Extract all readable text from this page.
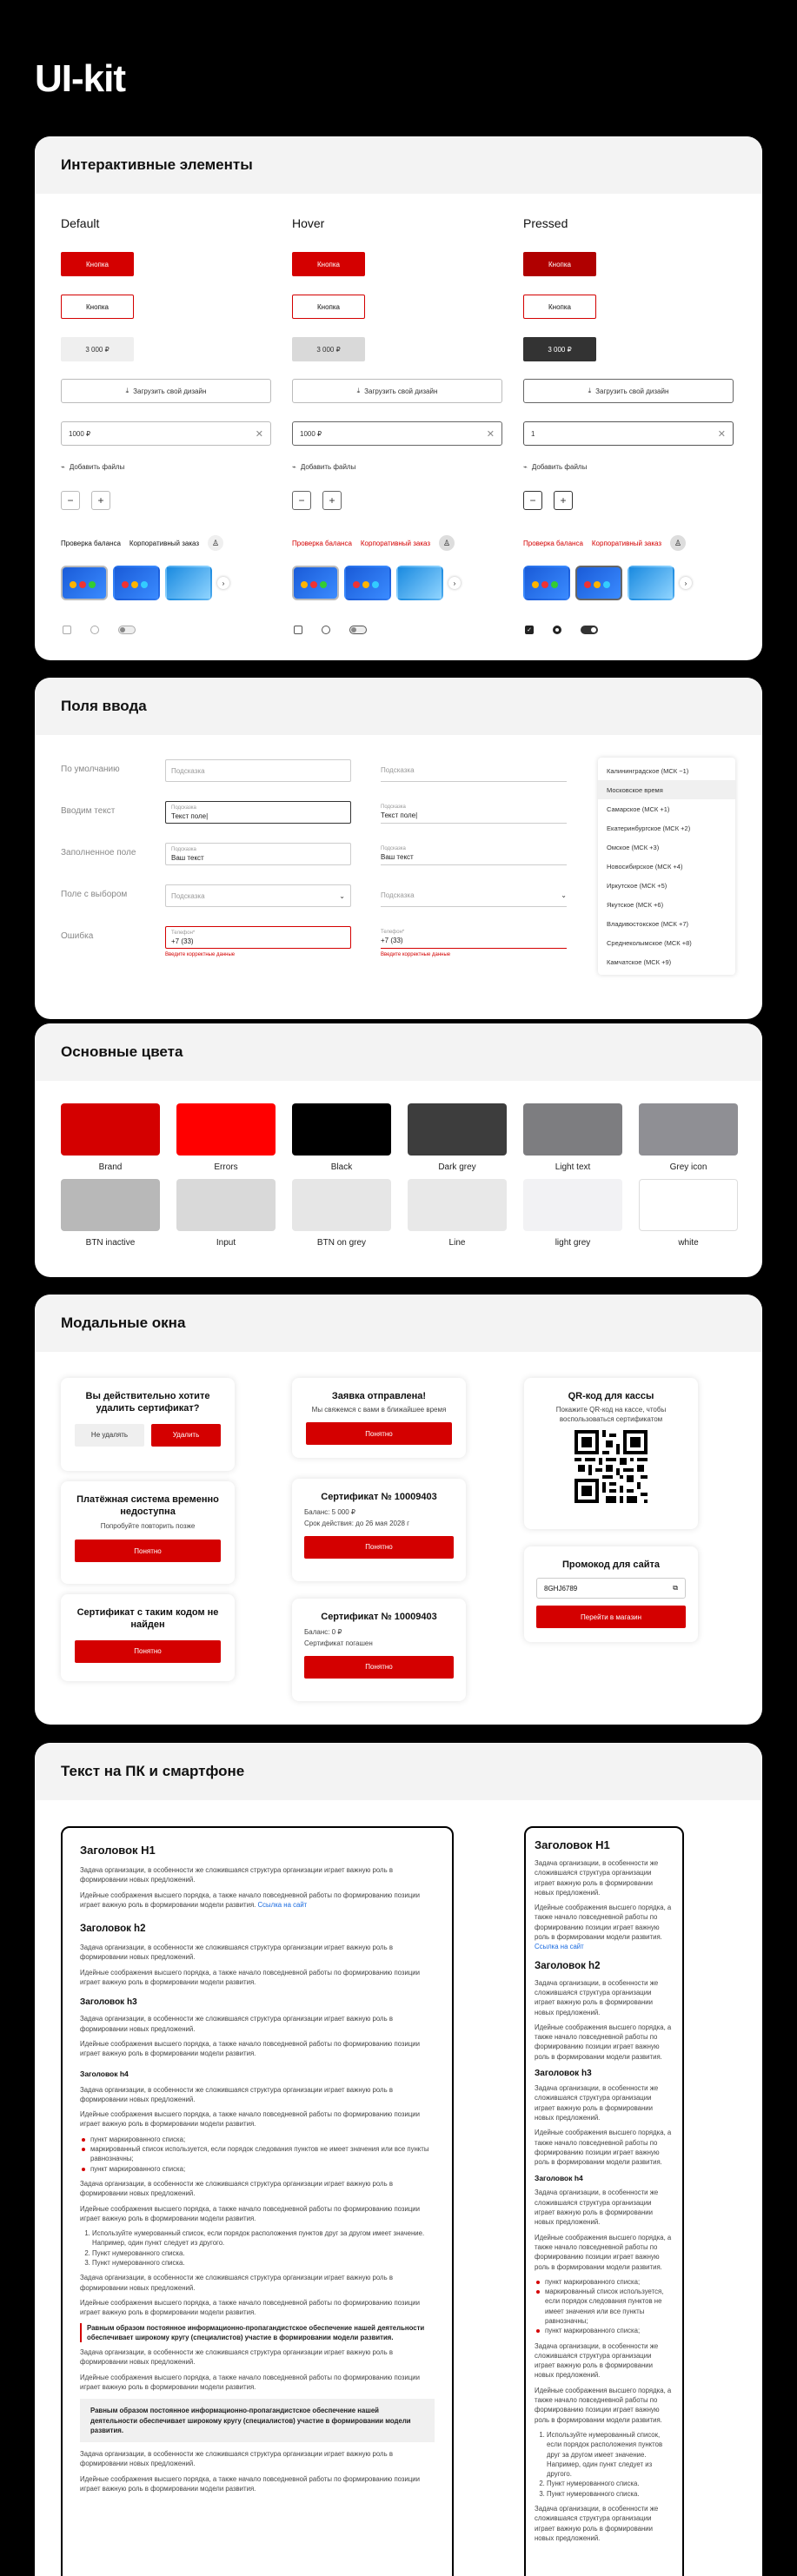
UI-kit
Интерактивные элементы
Default	Hover	Pressed
Кнопка	Кнопка	Кнопка
Кнопка	Кнопка	Кнопка
3 000 ₽	3 000 ₽	3 000 ₽
⤓ Загрузить свой дизайн	⤓ Загрузить свой дизайн	⤓ Загрузить свой дизайн
1000 ₽	✕	1000 ₽	✕	1	✕
⌁ Добавить файлы	⌁ Добавить файлы	⌁ Добавить файлы
−	+	−	+	−	+
Проверка баланса Корпоративный заказ	♙	Проверка баланса Корпоративный заказ	♙	Проверка баланса Корпоративный заказ	♙
›	›	›
✓
Поля ввода
По умолчанию
Вводим текст
Заполненное поле
Поле с выбором
Ошибка
Подсказка
Подсказка
Текст поле|
Подсказка
Ваш текст
Подсказка	⌄
Телефон*
+7 (33)
Введите корректные данные
Подсказка
Подсказка
Текст поле|
Подсказка
Ваш текст
Подсказка	⌄
Телефон*
+7 (33)
Введите корректные данные
Калининградское (МСК −1)
Московское время
Самарское (МСК +1)
Екатеринбургское (МСК +2)
Омское (МСК +3)
Новосибирское (МСК +4)
Иркутское (МСК +5)
Якутское (МСК +6)
Владивостокское (МСК +7)
Среднеколымское (МСК +8)
Камчатское (МСК +9)
Основные цвета
Brand	Errors	Black	Dark grey	Light text	Grey icon
BTN inactive	Input	BTN on grey	Line	light grey	white
Модальные окна
Вы действительно хотите удалить сертификат?
Не удалять	Удалить
Платёжная система временно недоступна
Попробуйте повторить позже
Понятно
Сертификат с таким кодом не найден
Понятно
Заявка отправлена!
Мы свяжемся с вами в ближайшее время
Понятно
Сертификат № 10009403
Баланс: 5 000 ₽
Срок действия: до 26 мая 2028 г
Понятно
Сертификат № 10009403
Баланс: 0 ₽
Сертификат погашен
Понятно
QR-код для кассы
Покажите QR-код на кассе, чтобы воспользоваться сертификатом
Промокод для сайта
8GHJ6789	⧉
Перейти в магазин
Текст на ПК и смартфоне
Заголовок H1

Задача организации, в особенности же сложившаяся структура организации играет важную роль в формировании новых предложений.

Идейные соображения высшего порядка, а также начало повседневной работы по формированию позиции играет важную роль в формировании модели развития. Ссылка на сайт

Заголовок h2

Задача организации, в особенности же сложившаяся структура организации играет важную роль в формировании новых предложений.

Идейные соображения высшего порядка, а также начало повседневной работы по формированию позиции играет важную роль в формировании модели развития.

Заголовок h3

Задача организации, в особенности же сложившаяся структура организации играет важную роль в формировании новых предложений.

Идейные соображения высшего порядка, а также начало повседневной работы по формированию позиции играет важную роль в формировании модели развития.

Заголовок h4

Задача организации, в особенности же сложившаяся структура организации играет важную роль в формировании новых предложений.

Идейные соображения высшего порядка, а также начало повседневной работы по формированию позиции играет важную роль в формировании модели развития.

пункт маркированного списка;
маркированный список используется, если порядок следования пунктов не имеет значения или все пункты равнозначны;
пункт маркированного списка;

Задача организации, в особенности же сложившаяся структура организации играет важную роль в формировании новых предложений.

Идейные соображения высшего порядка, а также начало повседневной работы по формированию позиции играет важную роль в формировании модели развития.

1. Используйте нумерованный список, если порядок расположения пунктов друг за другом имеет значение. Например, один пункт следует из другого.
2. Пункт нумерованного списка.
3. Пункт нумерованного списка.

Задача организации, в особенности же сложившаяся структура организации играет важную роль в формировании новых предложений.

Идейные соображения высшего порядка, а также начало повседневной работы по формированию позиции играет важную роль в формировании модели развития.

Равным образом постоянное информационно-пропагандистское обеспечение нашей деятельности обеспечивает широкому кругу (специалистов) участие в формировании модели развития.

Задача организации, в особенности же сложившаяся структура организации играет важную роль в формировании новых предложений.

Идейные соображения высшего порядка, а также начало повседневной работы по формированию позиции играет важную роль в формировании модели развития.

Равным образом постоянное информационно-пропагандистское обеспечение нашей деятельности обеспечивает широкому кругу (специалистов) участие в формировании модели развития.

Задача организации, в особенности же сложившаяся структура организации играет важную роль в формировании новых предложений.

Идейные соображения высшего порядка, а также начало повседневной работы по формированию позиции играет важную роль в формировании модели развития.

Заголовок H1

Задача организации, в особенности же сложившаяся структура организации играет важную роль в формировании новых предложений.

Идейные соображения высшего порядка, а также начало повседневной работы по формированию позиции играет важную роль в формировании модели развития. Ссылка на сайт

Заголовок h2

Задача организации, в особенности же сложившаяся структура организации играет важную роль в формировании новых предложений.

Идейные соображения высшего порядка, а также начало повседневной работы по формированию позиции играет важную роль в формировании модели развития.

Заголовок h3

Задача организации, в особенности же сложившаяся структура организации играет важную роль в формировании новых предложений.

Идейные соображения высшего порядка, а также начало повседневной работы по формированию позиции играет важную роль в формировании модели развития.

Заголовок h4

Задача организации, в особенности же сложившаяся структура организации играет важную роль в формировании новых предложений.

Идейные соображения высшего порядка, а также начало повседневной работы по формированию позиции играет важную роль в формировании модели развития.

пункт маркированного списка;
маркированный список используется, если порядок следования пунктов не имеет значения или все пункты равнозначны;
пункт маркированного списка;

Задача организации, в особенности же сложившаяся структура организации играет важную роль в формировании новых предложений.

Идейные соображения высшего порядка, а также начало повседневной работы по формированию позиции играет важную роль в формировании модели развития.

1. Используйте нумерованный список, если порядок расположения пунктов друг за другом имеет значение. Например, один пункт следует из другого.
2. Пункт нумерованного списка.
3. Пункт нумерованного списка.

Задача организации, в особенности же сложившаяся структура организации играет важную роль в формировании новых предложений.
